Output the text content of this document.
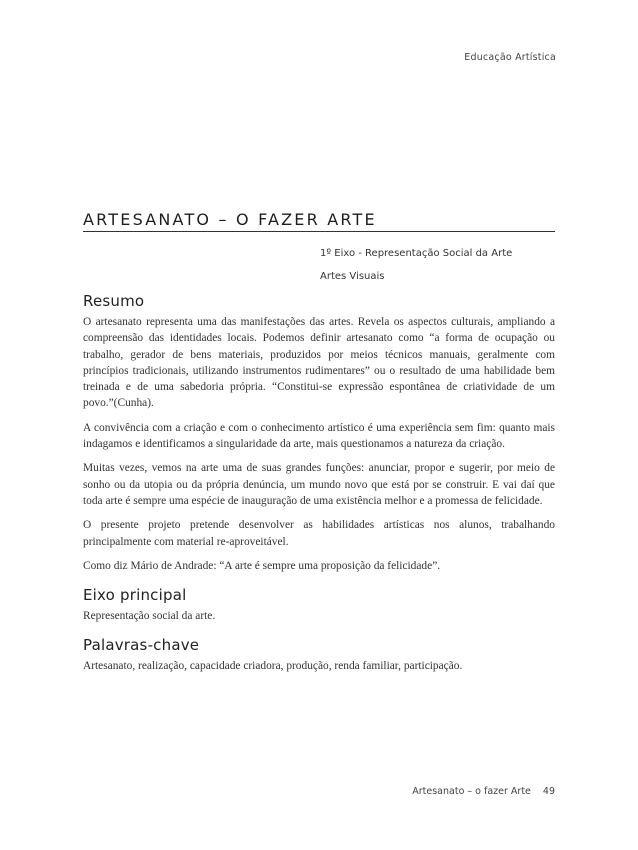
Educação Artística
ARTESANATO – O FAZER ARTE
1º Eixo - Representação Social da Arte
Artes Visuais
Resumo

O artesanato representa uma das manifestações das artes. Revela os aspectos culturais, ampliando a compreensão das identidades locais. Podemos definir artesanato como “a forma de ocupação ou trabalho, gerador de bens materiais, produzidos por meios técnicos manuais, geralmente com princípios tradicionais, utilizando instrumentos rudimentares” ou o resultado de uma habilidade bem treinada e de uma sabedoria própria. “Constitui-se expressão espontânea de criatividade de um povo.”(Cunha).

A convivência com a criação e com o conhecimento artístico é uma experiência sem fim: quanto mais indagamos e identificamos a singularidade da arte, mais questionamos a natureza da criação.

Muitas vezes, vemos na arte uma de suas grandes funções: anunciar, propor e sugerir, por meio de sonho ou da utopia ou da própria denúncia, um mundo novo que está por se construir. E vai daí que toda arte é sempre uma espécie de inauguração de uma existência melhor e a promessa de felicidade.

O presente projeto pretende desenvolver as habilidades artísticas nos alunos, trabalhando principalmente com material re-aproveitável.

Como diz Mário de Andrade: “A arte é sempre uma proposição da felicidade”.

Eixo principal

Representação social da arte.

Palavras-chave

Artesanato, realização, capacidade criadora, produção, renda familiar, participação.

Artesanato – o fazer Arte 49
